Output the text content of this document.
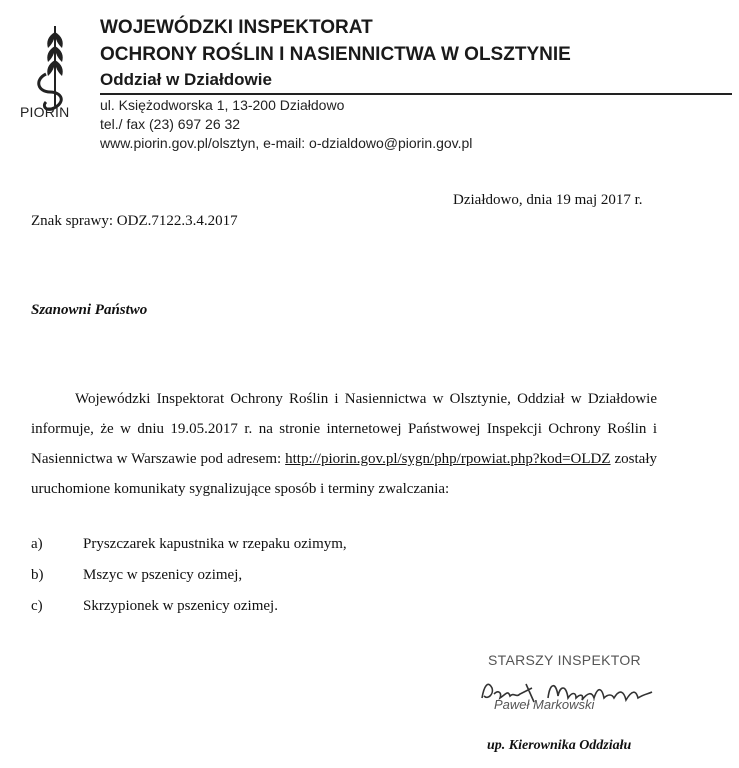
PIORIN
WOJEWÓDZKI INSPEKTORAT
OCHRONY ROŚLIN I NASIENNICTWA W OLSZTYNIE
Oddział w Działdowie
ul. Księżodworska 1, 13-200 Działdowo
tel./ fax (23) 697 26 32
www.piorin.gov.pl/olsztyn, e-mail: o-dzialdowo@piorin.gov.pl
Działdowo, dnia 19 maj 2017 r.
Znak sprawy: ODZ.7122.3.4.2017
Szanowni Państwo
Wojewódzki Inspektorat Ochrony Roślin i Nasiennictwa w Olsztynie, Oddział w Działdowie informuje, że w dniu 19.05.2017 r. na stronie internetowej Państwowej Inspekcji Ochrony Roślin i Nasiennictwa w Warszawie pod adresem: http://piorin.gov.pl/sygn/php/rpowiat.php?kod=OLDZ zostały uruchomione komunikaty sygnalizujące sposób i terminy zwalczania:
a)	Pryszczarek kapustnika w rzepaku ozimym,
b)	Mszyc w pszenicy ozimej,
c)	Skrzypionek w pszenicy ozimej.
STARSZY INSPEKTOR
Paweł Markowski
up. Kierownika Oddziału
